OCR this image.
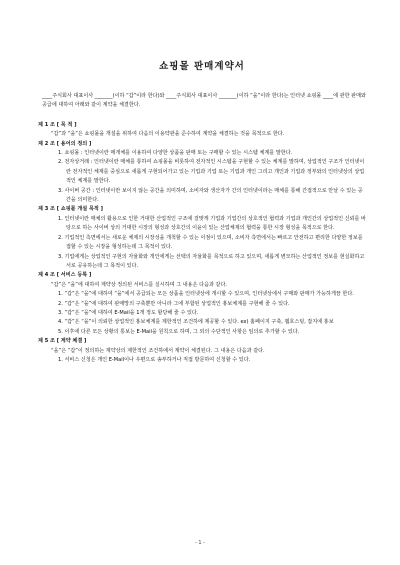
쇼핑몰 판매계약서
____주식회사 대표이사 _______(이하 “갑”이라 한다)와 ____주식회사 대표이사 _______(이하 “을”이라 한다)는 인터넷 쇼핑몰 ____에 관한 판매와 공급에 대하여 아래와 같이 계약을 체결한다.
제 1 조 [ 목 적 ]
“갑”과 “을”은 쇼핑몰을 개설을 위하여 다음의 이용약관을 준수하여 계약을 체결하는 것을 목적으로 한다.
제 2 조 [ 용어의 정의 ]
1. 쇼핑몰 : 인터넷이란 매개체를 이용하여 다양한 상품을 판매 또는 구매할 수 있는 시스템 체계를 말한다.
2. 전자상거래 : 인터넷이란 매체를 통하여 쇼핑몰을 비롯하여 전자적인 시스템을 구현할 수 있는 체계를 말하며, 상업적인 구조가 인터넷이란 전자적인 체계를 중심으로 새롭게 구현되어가고 있는 기업과 기업 또는 기업과 개인 그리고 개인과 기업과 정부와의 인터넷상의 상업적인 체계를 말한다.
3. 사이버 공간 : 인터넷이란 보이지 않는 공간을 의미하며, 소비자와 생산자가 간의 인터넷이라는 매체를 통해 간접적으로 만날 수 있는 공간을 의미한다.
제 3 조 [ 쇼핑몰 개설 목적 ]
1. 인터넷이란 매체의 활용으로 인한 거대한 산업적인 구조에 걸맞게 기업과 기업간의 상호적인 협력과 기업과 개인간의 상업적인 신뢰를 바탕으로 하는 사이버 상의 거대한 시장의 형성과 상호간의 이윤이 있는 산업체제의 협력을 통한 시장 형성을 목적으로 한다.
2. 기업적인 측면에서는 새로운 체제의 시장성을 개척할 수 있는 이점이 있으며, 소비자 측면에서는 빠르고 안전하고 편리한 다양한 정보를 접할 수 있는 시장을 형성하는데 그 목적이 있다.
3. 기업에게는 상업적인 구현의 자율화와 개인에게는 선택의 자율화를 목적으로 하고 있으며, 새롭게 변모하는 산업적인 정보를 현실화하고 서로 공유하는데 그 목적이 있다.
제 4 조 [ 서비스 등록 ]
“갑”은 “을”에 대하여 계약상 정의된 서비스를 실시하며 그 내용은 다음과 같다.
1. “갑”은 “을”에 대하여 “을”에서 공급되는 모든 상품을 인터넷상에 개시할 수 있으며, 인터넷상에서 구매와 판매가 가능하게끔 한다.
2. “갑”은 “을”에 대하여 판매망의 구축뿐만 아니라 그에 부합된 상업적인 홍보체계를 구현해 줄 수 있다.
3. “갑”은 “을”에 대하여 E-Mail을 1개 정도 할당해 줄 수 있다.
4. “갑”은 “을”이 의뢰한 상업적인 홍보체계를 제한적인 조건하에 제공할 수 있다. ex) 홈페이지 구축, 웹호스팅, 잡지에 홍보
5. 이후에 다른 모든 상황의 통보는 E-Mail을 원칙으로 하며, 그 외의 수단적인 사항은 임의로 추가할 수 있다.
제 5 조 [ 계약 체결 ]
“을”은 “갑”이 정의하는 계약상의 제한적인 조건하에서 계약이 체결된다. 그 내용은 다음과 같다.
1. 서비스 신청은 개인 E-Mail이나 우편으로 송부하거나 직접 방문하여 신청할 수 있다.
- 1 -
